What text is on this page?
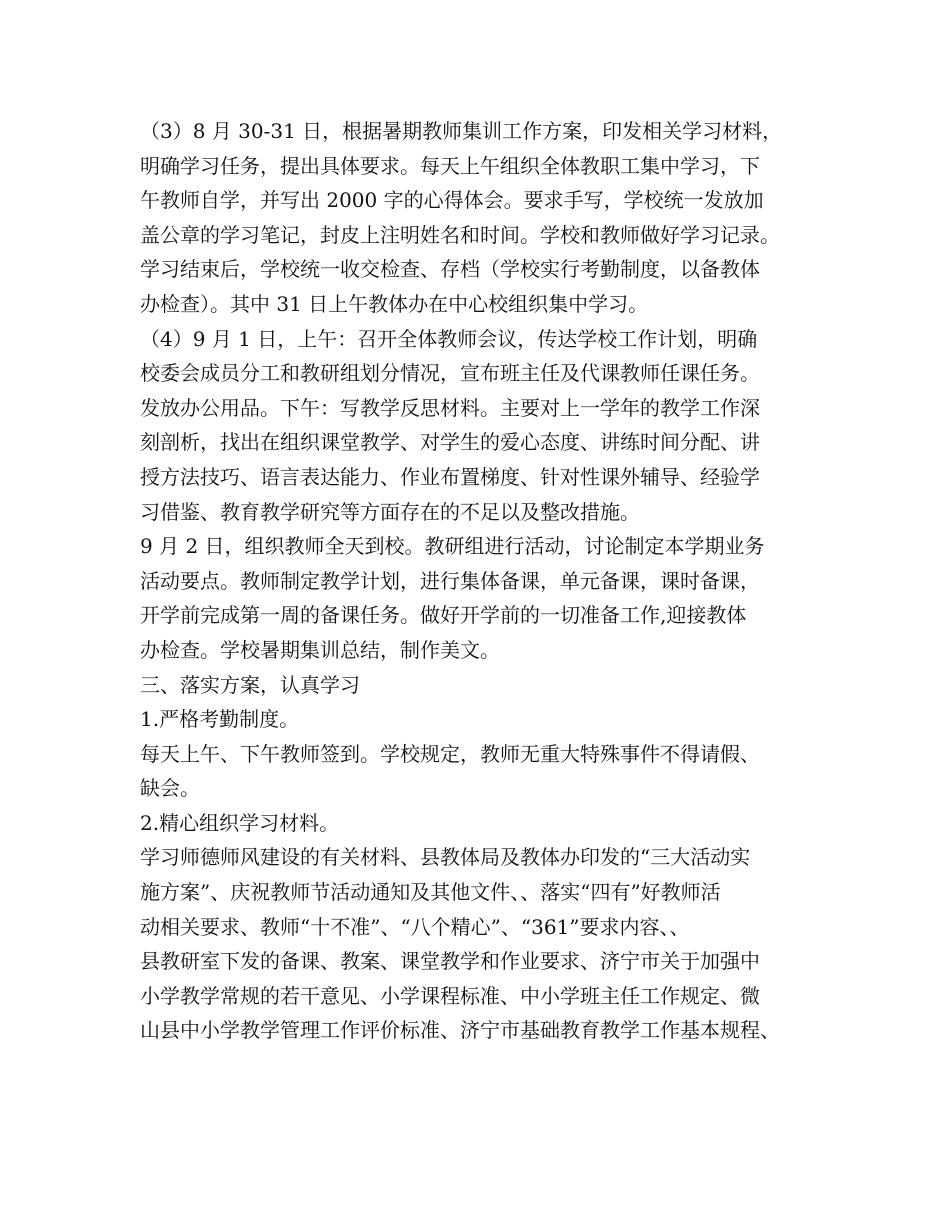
（3）8 月 30-31 日，根据暑期教师集训工作方案，印发相关学习材料，
明确学习任务，提出具体要求。每天上午组织全体教职工集中学习，下
午教师自学，并写出 2000 字的心得体会。要求手写，学校统一发放加
盖公章的学习笔记，封皮上注明姓名和时间。学校和教师做好学习记录。
学习结束后，学校统一收交检查、存档（学校实行考勤制度，以备教体
办检查）。其中 31 日上午教体办在中心校组织集中学习。
（4）9 月 1 日，上午：召开全体教师会议，传达学校工作计划，明确
校委会成员分工和教研组划分情况，宣布班主任及代课教师任课任务。
发放办公用品。下午：写教学反思材料。主要对上一学年的教学工作深
刻剖析，找出在组织课堂教学、对学生的爱心态度、讲练时间分配、讲
授方法技巧、语言表达能力、作业布置梯度、针对性课外辅导、经验学
习借鉴、教育教学研究等方面存在的不足以及整改措施。
9 月 2 日，组织教师全天到校。教研组进行活动，讨论制定本学期业务
活动要点。教师制定教学计划，进行集体备课，单元备课，课时备课，
开学前完成第一周的备课任务。做好开学前的一切准备工作,迎接教体
办检查。学校暑期集训总结，制作美文。
三、落实方案，认真学习
1.严格考勤制度。
每天上午、下午教师签到。学校规定，教师无重大特殊事件不得请假、
缺会。
2.精心组织学习材料。
学习师德师风建设的有关材料、县教体局及教体办印发的“三大活动实
施方案”、庆祝教师节活动通知及其他文件、、落实“四有”好教师活
动相关要求、教师“十不准”、“八个精心”、“361”要求内容、、
县教研室下发的备课、教案、课堂教学和作业要求、济宁市关于加强中
小学教学常规的若干意见、小学课程标准、中小学班主任工作规定、微
山县中小学教学管理工作评价标准、济宁市基础教育教学工作基本规程、
